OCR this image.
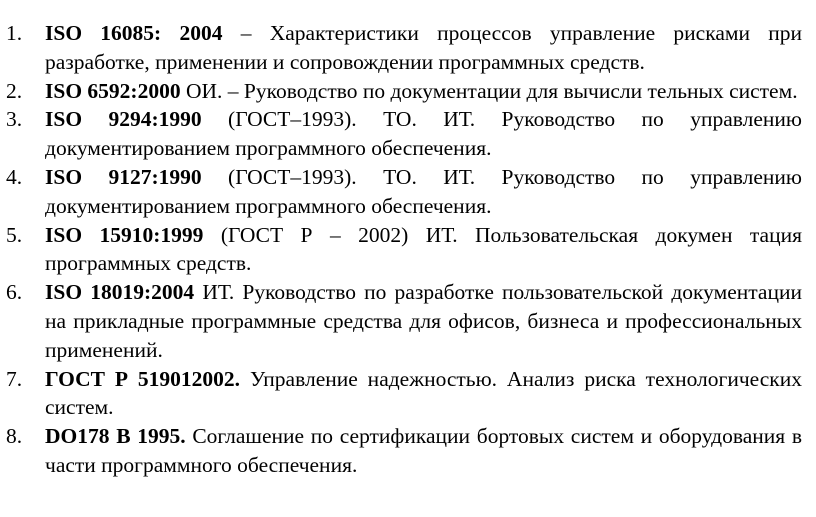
1. ISO 16085: 2004 – Характеристики процессов управление рисками при разработке, применении и сопровождении программных средств.
2. ISO 6592:2000 ОИ. – Руководство по документации для вычисли тельных систем.
3. ISO 9294:1990 (ГОСТ–1993). ТО. ИТ. Руководство по управлению документированием программного обеспечения.
4. ISO 9127:1990 (ГОСТ–1993). ТО. ИТ. Руководство по управлению документированием программного обеспечения.
5. ISO 15910:1999 (ГОСТ Р – 2002) ИТ. Пользовательская докумен тация программных средств.
6. ISO 18019:2004 ИТ. Руководство по разработке пользовательской документации на прикладные программные средства для офисов, бизнеса и профессиональных применений.
7. ГОСТ Р 519012002. Управление надежностью. Анализ риска технологических систем.
8. DO178 B 1995. Соглашение по сертификации бортовых систем и оборудования в части программного обеспечения.
